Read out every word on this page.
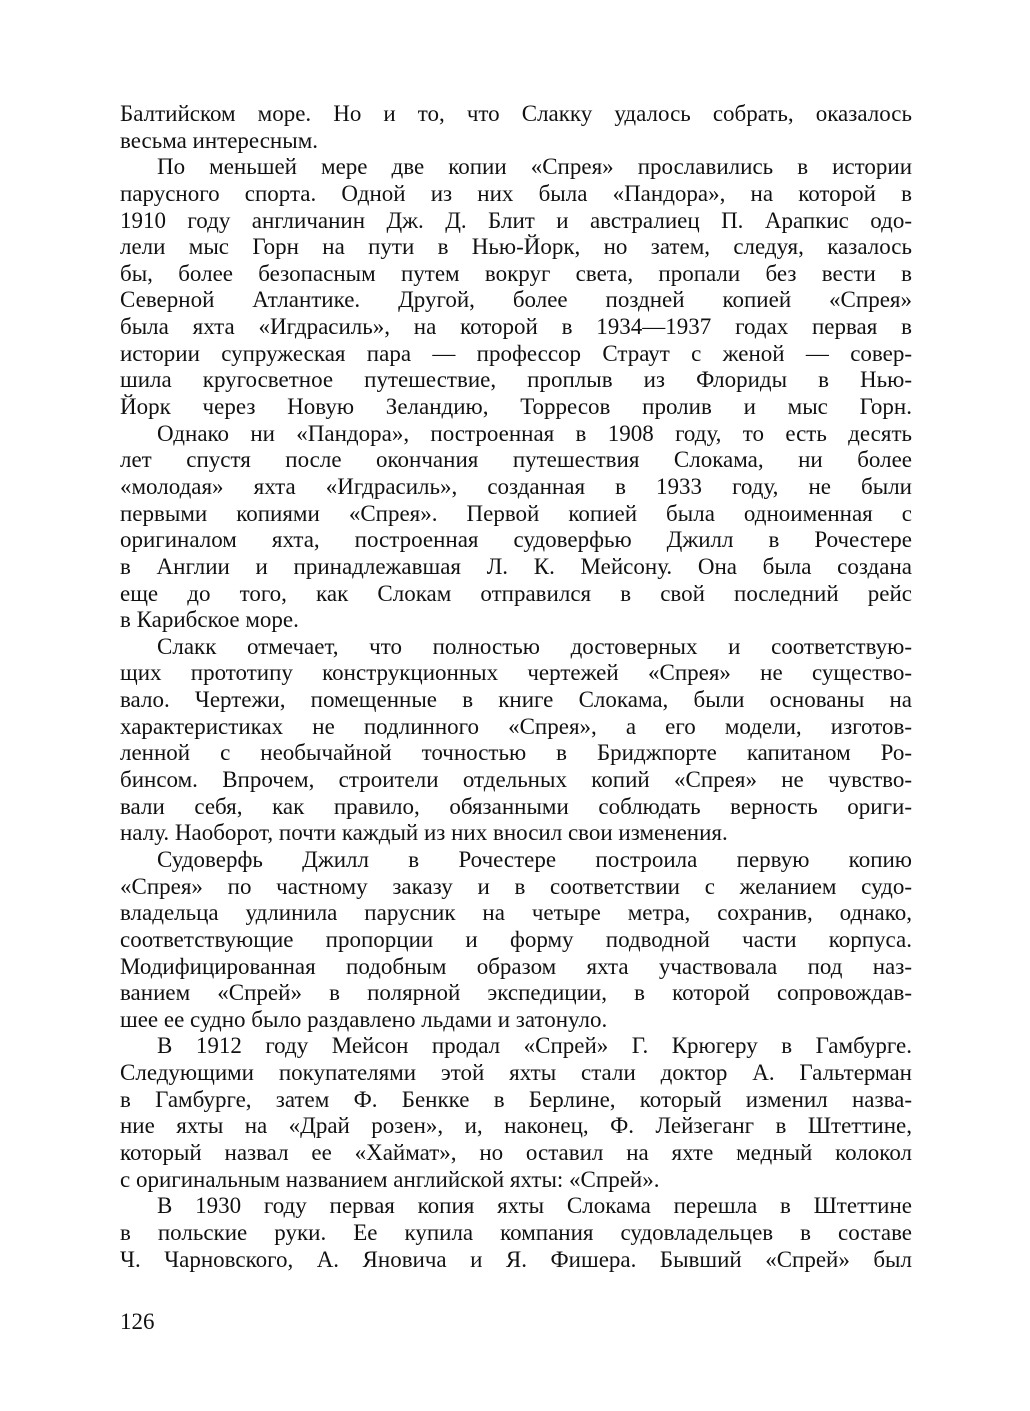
Балтийском море. Но и то, что Слакку удалось собрать, оказалось
весьма интересным.
По меньшей мере две копии «Спрея» прославились в истории
парусного спорта. Одной из них была «Пандора», на которой в
1910 году англичанин Дж. Д. Блит и австралиец П. Арапкис одо-
лели мыс Горн на пути в Нью-Йорк, но затем, следуя, казалось
бы, более безопасным путем вокруг света, пропали без вести в
Северной Атлантике. Другой, более поздней копией «Спрея»
была яхта «Игдрасиль», на которой в 1934—1937 годах первая в
истории супружеская пара — профессор Страут с женой — совер-
шила кругосветное путешествие, проплыв из Флориды в Нью-
Йорк через Новую Зеландию, Торресов пролив и мыс Горн.
Однако ни «Пандора», построенная в 1908 году, то есть десять
лет спустя после окончания путешествия Слокама, ни более
«молодая» яхта «Игдрасиль», созданная в 1933 году, не были
первыми копиями «Спрея». Первой копией была одноименная с
оригиналом яхта, построенная судоверфью Джилл в Рочестере
в Англии и принадлежавшая Л. К. Мейсону. Она была создана
еще до того, как Слокам отправился в свой последний рейс
в Карибское море.
Слакк отмечает, что полностью достоверных и соответствую-
щих прототипу конструкционных чертежей «Спрея» не существо-
вало. Чертежи, помещенные в книге Слокама, были основаны на
характеристиках не подлинного «Спрея», а его модели, изготов-
ленной с необычайной точностью в Бриджпорте капитаном Ро-
бинсом. Впрочем, строители отдельных копий «Спрея» не чувство-
вали себя, как правило, обязанными соблюдать верность ориги-
налу. Наоборот, почти каждый из них вносил свои изменения.
Судоверфь Джилл в Рочестере построила первую копию
«Спрея» по частному заказу и в соответствии с желанием судо-
владельца удлинила парусник на четыре метра, сохранив, однако,
соответствующие пропорции и форму подводной части корпуса.
Модифицированная подобным образом яхта участвовала под наз-
ванием «Спрей» в полярной экспедиции, в которой сопровождав-
шее ее судно было раздавлено льдами и затонуло.
В 1912 году Мейсон продал «Спрей» Г. Крюгеру в Гамбурге.
Следующими покупателями этой яхты стали доктор А. Гальтерман
в Гамбурге, затем Ф. Бенкке в Берлине, который изменил назва-
ние яхты на «Драй розен», и, наконец, Ф. Лейзеганг в Штеттине,
который назвал ее «Хаймат», но оставил на яхте медный колокол
с оригинальным названием английской яхты: «Спрей».
В 1930 году первая копия яхты Слокама перешла в Штеттине
в польские руки. Ее купила компания судовладельцев в составе
Ч. Чарновского, А. Яновича и Я. Фишера. Бывший «Спрей» был
126
